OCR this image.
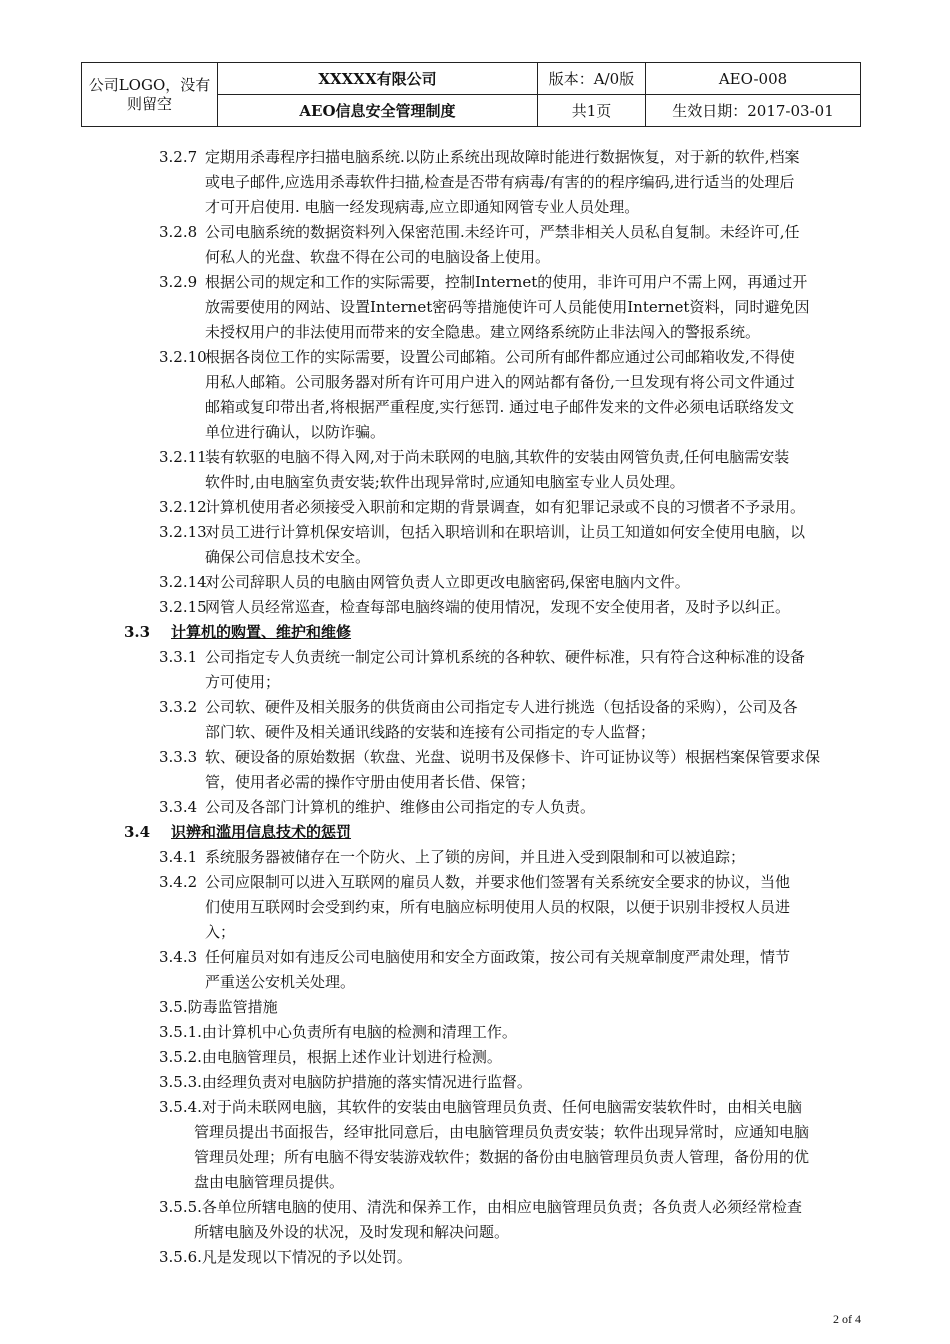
公司LOGO，没有
则留空	XXXXX有限公司	版本：A/0版	AEO-008
	AEO信息安全管理制度	共1页	生效日期：2017-03-01
3.2.7 定期用杀毒程序扫描电脑系统.以防止系统出现故障时能进行数据恢复，对于新的软件,档案
或电子邮件,应选用杀毒软件扫描,检查是否带有病毒/有害的的程序编码,进行适当的处理后
才可开启使用. 电脑一经发现病毒,应立即通知网管专业人员处理。
3.2.8 公司电脑系统的数据资料列入保密范围.未经许可，严禁非相关人员私自复制。未经许可,任
何私人的光盘、软盘不得在公司的电脑设备上使用。
3.2.9 根据公司的规定和工作的实际需要，控制Internet的使用，非许可用户不需上网，再通过开
放需要使用的网站、设置Internet密码等措施使许可人员能使用Internet资料，同时避免因
未授权用户的非法使用而带来的安全隐患。建立网络系统防止非法闯入的警报系统。
3.2.10
根据各岗位工作的实际需要，设置公司邮箱。公司所有邮件都应通过公司邮箱收发,不得使
用私人邮箱。公司服务器对所有许可用户进入的网站都有备份,一旦发现有将公司文件通过
邮箱或复印带出者,将根据严重程度,实行惩罚. 通过电子邮件发来的文件必须电话联络发文
单位进行确认，以防诈骗。
3.2.11
装有软驱的电脑不得入网,对于尚未联网的电脑,其软件的安装由网管负责,任何电脑需安装
软件时,由电脑室负责安装;软件出现异常时,应通知电脑室专业人员处理。
3.2.12
计算机使用者必须接受入职前和定期的背景调查，如有犯罪记录或不良的习惯者不予录用。
3.2.13
对员工进行计算机保安培训，包括入职培训和在职培训，让员工知道如何安全使用电脑，以
确保公司信息技术安全。
3.2.14
对公司辞职人员的电脑由网管负责人立即更改电脑密码,保密电脑内文件。
3.2.15
网管人员经常巡查，检查每部电脑终端的使用情况，发现不安全使用者，及时予以纠正。
3.3 计算机的购置、维护和维修
3.3.1 公司指定专人负责统一制定公司计算机系统的各种软、硬件标准，只有符合这种标准的设备
方可使用；
3.3.2 公司软、硬件及相关服务的供货商由公司指定专人进行挑选（包括设备的采购），公司及各
部门软、硬件及相关通讯线路的安装和连接有公司指定的专人监督；
3.3.3 软、硬设备的原始数据（软盘、光盘、说明书及保修卡、许可证协议等）根据档案保管要求保
管，使用者必需的操作守册由使用者长借、保管；
3.3.4 公司及各部门计算机的维护、维修由公司指定的专人负责。
3.4 识辨和滥用信息技术的惩罚
3.4.1 系统服务器被储存在一个防火、上了锁的房间，并且进入受到限制和可以被追踪；
3.4.2 公司应限制可以进入互联网的雇员人数，并要求他们签署有关系统安全要求的协议，当他
们使用互联网时会受到约束，所有电脑应标明使用人员的权限，以便于识别非授权人员进
入；
3.4.3 任何雇员对如有违反公司电脑使用和安全方面政策，按公司有关规章制度严肃处理，情节
严重送公安机关处理。
3.5.防毒监管措施
3.5.1.由计算机中心负责所有电脑的检测和清理工作。
3.5.2.由电脑管理员，根据上述作业计划进行检测。
3.5.3.由经理负责对电脑防护措施的落实情况进行监督。
3.5.4.对于尚未联网电脑，其软件的安装由电脑管理员负责、任何电脑需安装软件时，由相关电脑
管理员提出书面报告，经审批同意后，由电脑管理员负责安装；软件出现异常时，应通知电脑
管理员处理；所有电脑不得安装游戏软件；数据的备份由电脑管理员负责人管理，备份用的优
盘由电脑管理员提供。
3.5.5.各单位所辖电脑的使用、清洗和保养工作，由相应电脑管理员负责；各负责人必须经常检查
所辖电脑及外设的状况，及时发现和解决问题。
3.5.6.凡是发现以下情况的予以处罚。
2 of 4
